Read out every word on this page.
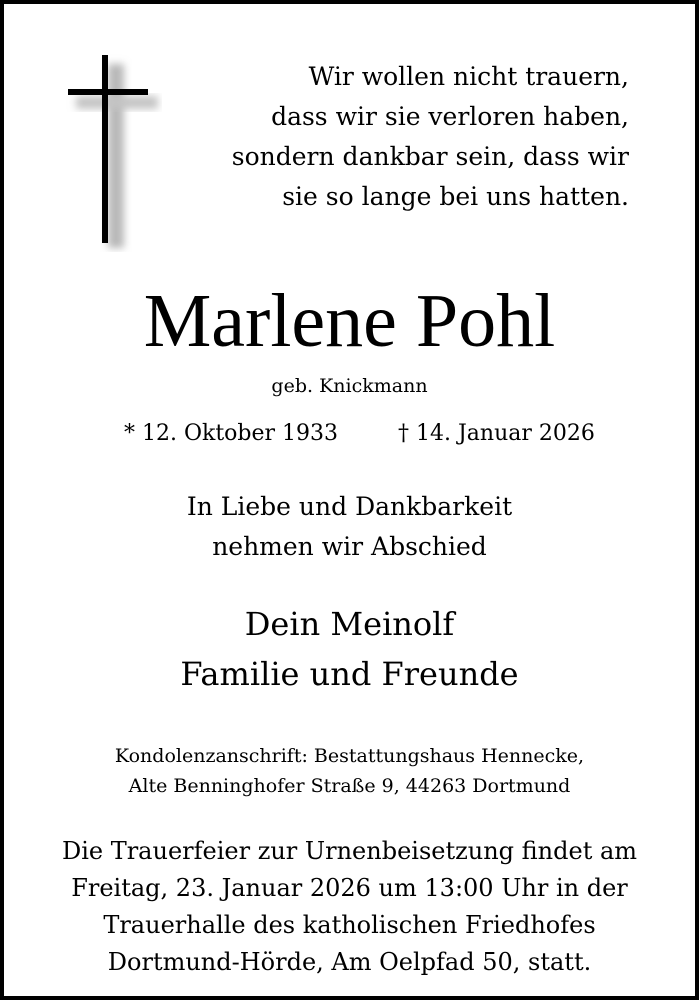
Wir wollen nicht trauern,
dass wir sie verloren haben,
sondern dankbar sein, dass wir
sie so lange bei uns hatten.
Marlene Pohl
geb. Knickmann
* 12. Oktober 1933	† 14. Januar 2026
In Liebe und Dankbarkeit
nehmen wir Abschied
Dein Meinolf
Familie und Freunde
Kondolenzanschrift: Bestattungshaus Hennecke,
Alte Benninghofer Straße 9, 44263 Dortmund
Die Trauerfeier zur Urnenbeisetzung findet am
Freitag, 23. Januar 2026 um 13:00 Uhr in der
Trauerhalle des katholischen Friedhofes
Dortmund-Hörde, Am Oelpfad 50, statt.
